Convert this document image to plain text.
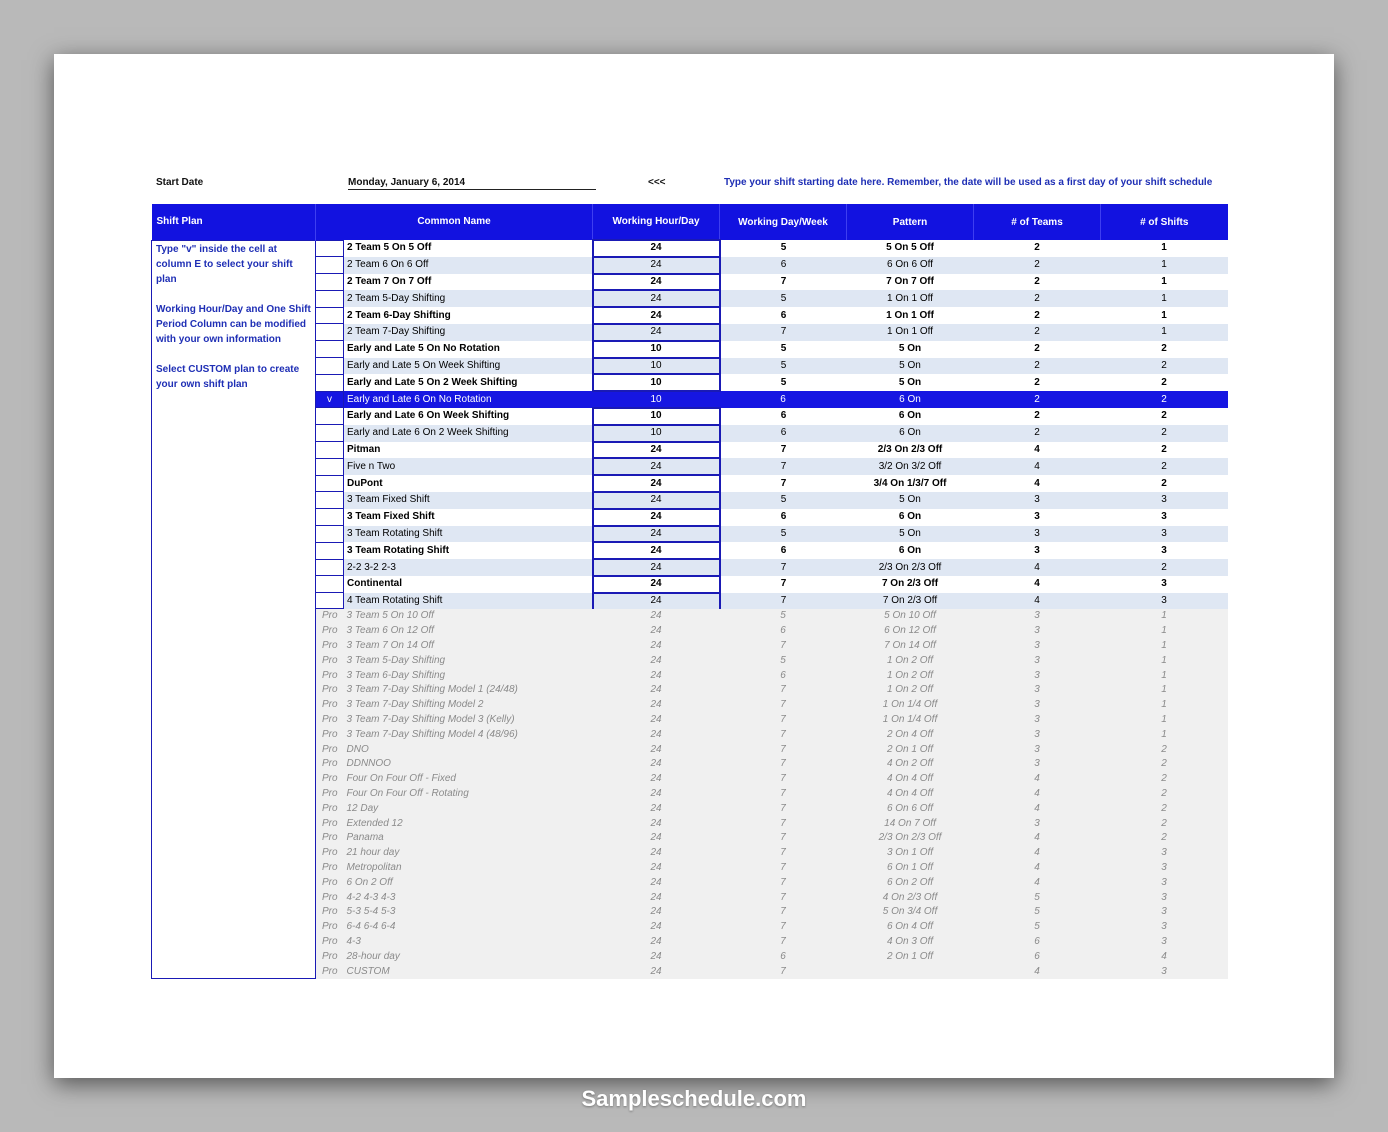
Start Date	Monday, January 6, 2014	<<<	Type your shift starting date here. Remember, the date will be used as a first day of your shift schedule
Shift Plan	Common Name		Working Hour/Day	Working Day/Week	Pattern	# of Teams	# of Shifts

Type "v" inside the cell at column E to select your shift plan

Working Hour/Day and One Shift Period Column can be modified with your own information

Select CUSTOM plan to create your own shift plan		2 Team 5 On 5 Off	24	5	5 On 5 Off	2	1
		2 Team 6 On 6 Off	24	6	6 On 6 Off	2	1
		2 Team 7 On 7 Off	24	7	7 On 7 Off	2	1
		2 Team 5-Day Shifting	24	5	1 On 1 Off	2	1
		2 Team 6-Day Shifting	24	6	1 On 1 Off	2	1
		2 Team 7-Day Shifting	24	7	1 On 1 Off	2	1
		Early and Late 5 On No Rotation	10	5	5 On	2	2
		Early and Late 5 On Week Shifting	10	5	5 On	2	2
		Early and Late 5 On 2 Week Shifting	10	5	5 On	2	2
	v	Early and Late 6 On No Rotation	10	6	6 On	2	2
		Early and Late 6 On Week Shifting	10	6	6 On	2	2
		Early and Late 6 On 2 Week Shifting	10	6	6 On	2	2
		Pitman	24	7	2/3 On 2/3 Off	4	2
		Five n Two	24	7	3/2 On 3/2 Off	4	2
		DuPont	24	7	3/4 On 1/3/7 Off	4	2
		3 Team Fixed Shift	24	5	5 On	3	3
		3 Team Fixed Shift	24	6	6 On	3	3
		3 Team Rotating Shift	24	5	5 On	3	3
		3 Team Rotating Shift	24	6	6 On	3	3
		2-2 3-2 2-3	24	7	2/3 On 2/3 Off	4	2
		Continental	24	7	7 On 2/3 Off	4	3
		4 Team Rotating Shift	24	7	7 On 2/3 Off	4	3
	Pro	3 Team 5 On 10 Off	24	5	5 On 10 Off	3	1
	Pro	3 Team 6 On 12 Off	24	6	6 On 12 Off	3	1
	Pro	3 Team 7 On 14 Off	24	7	7 On 14 Off	3	1
	Pro	3 Team 5-Day Shifting	24	5	1 On 2 Off	3	1
	Pro	3 Team 6-Day Shifting	24	6	1 On 2 Off	3	1
	Pro	3 Team 7-Day Shifting Model 1 (24/48)	24	7	1 On 2 Off	3	1
	Pro	3 Team 7-Day Shifting Model 2	24	7	1 On 1/4 Off	3	1
	Pro	3 Team 7-Day Shifting Model 3 (Kelly)	24	7	1 On 1/4 Off	3	1
	Pro	3 Team 7-Day Shifting Model 4 (48/96)	24	7	2 On 4 Off	3	1
	Pro	DNO	24	7	2 On 1 Off	3	2
	Pro	DDNNOO	24	7	4 On 2 Off	3	2
	Pro	Four On Four Off - Fixed	24	7	4 On 4 Off	4	2
	Pro	Four On Four Off - Rotating	24	7	4 On 4 Off	4	2
	Pro	12 Day	24	7	6 On 6 Off	4	2
	Pro	Extended 12	24	7	14 On 7 Off	3	2
	Pro	Panama	24	7	2/3 On 2/3 Off	4	2
	Pro	21 hour day	24	7	3 On 1 Off	4	3
	Pro	Metropolitan	24	7	6 On 1 Off	4	3
	Pro	6 On 2 Off	24	7	6 On 2 Off	4	3
	Pro	4-2 4-3 4-3	24	7	4 On 2/3 Off	5	3
	Pro	5-3 5-4 5-3	24	7	5 On 3/4 Off	5	3
	Pro	6-4 6-4 6-4	24	7	6 On 4 Off	5	3
	Pro	4-3	24	7	4 On 3 Off	6	3
	Pro	28-hour day	24	6	2 On 1 Off	6	4
	Pro	CUSTOM	24	7		4	3
Sampleschedule.com
